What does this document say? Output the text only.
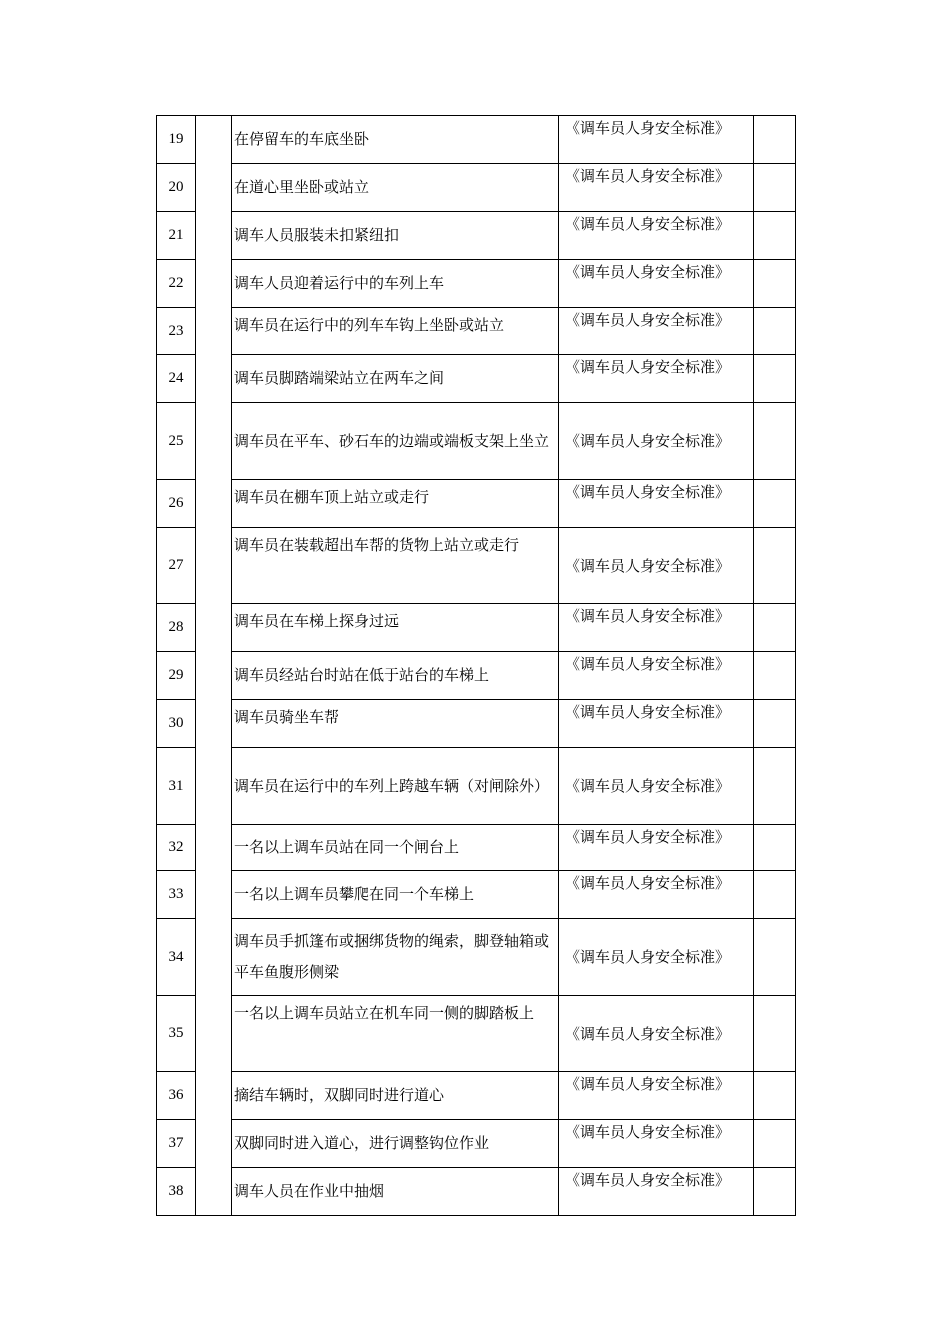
19		在停留车的车底坐卧	《调车员人身安全标准》	
20		在道心里坐卧或站立	《调车员人身安全标准》	
21		调车人员服装未扣紧纽扣	《调车员人身安全标准》	
22		调车人员迎着运行中的车列上车	《调车员人身安全标准》	
23		调车员在运行中的列车车钩上坐卧或站立	《调车员人身安全标准》	
24		调车员脚踏端梁站立在两车之间	《调车员人身安全标准》	
25		调车员在平车、砂石车的边端或端板支架上坐立	《调车员人身安全标准》	
26		调车员在棚车顶上站立或走行	《调车员人身安全标准》	
27		调车员在装载超出车帮的货物上站立或走行	《调车员人身安全标准》	
28		调车员在车梯上探身过远	《调车员人身安全标准》	
29		调车员经站台时站在低于站台的车梯上	《调车员人身安全标准》	
30		调车员骑坐车帮	《调车员人身安全标准》	
31		调车员在运行中的车列上跨越车辆（对闸除外）	《调车员人身安全标准》	
32		一名以上调车员站在同一个闸台上	《调车员人身安全标准》	
33		一名以上调车员攀爬在同一个车梯上	《调车员人身安全标准》	
34		调车员手抓篷布或捆绑货物的绳索，脚登轴箱或平车鱼腹形侧梁	《调车员人身安全标准》	
35		一名以上调车员站立在机车同一侧的脚踏板上	《调车员人身安全标准》	
36		摘结车辆时，双脚同时进行道心	《调车员人身安全标准》	
37		双脚同时进入道心，进行调整钩位作业	《调车员人身安全标准》	
38		调车人员在作业中抽烟	《调车员人身安全标准》	
